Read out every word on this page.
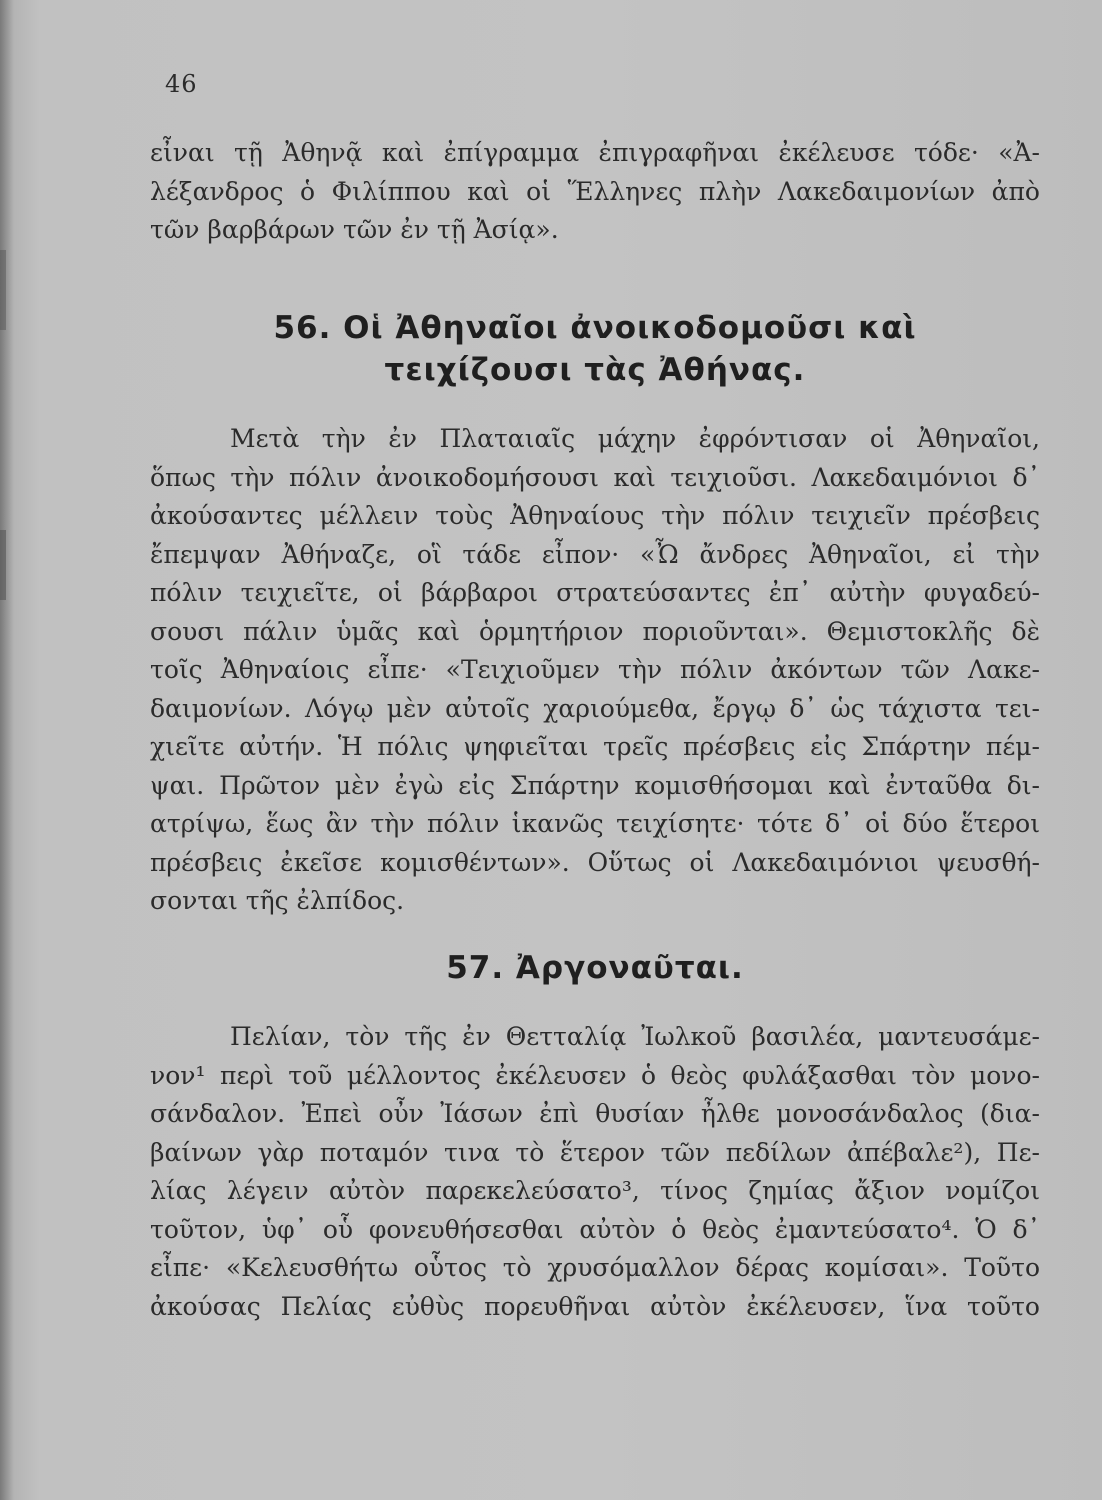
46
εἶναι τῇ Ἀθηνᾷ καὶ ἐπίγραμμα ἐπιγραφῆναι ἐκέλευσε τόδε· «Ἀ-
λέξανδρος ὁ Φιλίππου καὶ οἱ Ἕλληνες πλὴν Λακεδαιμονίων ἀπὸ
τῶν βαρβάρων τῶν ἐν τῇ Ἀσίᾳ».
56. Οἱ Ἀθηναῖοι ἀνοικοδομοῦσι καὶ
τειχίζουσι τὰς Ἀθήνας.
Μετὰ τὴν ἐν Πλαταιαῖς μάχην ἐφρόντισαν οἱ Ἀθηναῖοι,
ὅπως τὴν πόλιν ἀνοικοδομήσουσι καὶ τειχιοῦσι. Λακεδαιμόνιοι δ᾽
ἀκούσαντες μέλλειν τοὺς Ἀθηναίους τὴν πόλιν τειχιεῖν πρέσβεις
ἔπεμψαν Ἀθήναζε, οἳ τάδε εἶπον· «Ὦ ἄνδρες Ἀθηναῖοι, εἰ τὴν
πόλιν τειχιεῖτε, οἱ βάρβαροι στρατεύσαντες ἐπ᾽ αὐτὴν φυγαδεύ-
σουσι πάλιν ὑμᾶς καὶ ὁρμητήριον ποριοῦνται». Θεμιστοκλῆς δὲ
τοῖς Ἀθηναίοις εἶπε· «Τειχιοῦμεν τὴν πόλιν ἀκόντων τῶν Λακε-
δαιμονίων. Λόγῳ μὲν αὐτοῖς χαριούμεθα, ἔργῳ δ᾽ ὡς τάχιστα τει-
χιεῖτε αὐτήν. Ἡ πόλις ψηφιεῖται τρεῖς πρέσβεις εἰς Σπάρτην πέμ-
ψαι. Πρῶτον μὲν ἐγὼ εἰς Σπάρτην κομισθήσομαι καὶ ἐνταῦθα δι-
ατρίψω, ἕως ἂν τὴν πόλιν ἱκανῶς τειχίσητε· τότε δ᾽ οἱ δύο ἕτεροι
πρέσβεις ἐκεῖσε κομισθέντων». Οὕτως οἱ Λακεδαιμόνιοι ψευσθή-
σονται τῆς ἐλπίδος.
57. Ἀργοναῦται.
Πελίαν, τὸν τῆς ἐν Θετταλίᾳ Ἰωλκοῦ βασιλέα, μαντευσάμε-
νον¹ περὶ τοῦ μέλλοντος ἐκέλευσεν ὁ θεὸς φυλάξασθαι τὸν μονο-
σάνδαλον. Ἐπεὶ οὖν Ἰάσων ἐπὶ θυσίαν ἦλθε μονοσάνδαλος (δια-
βαίνων γὰρ ποταμόν τινα τὸ ἕτερον τῶν πεδίλων ἀπέβαλε²), Πε-
λίας λέγειν αὐτὸν παρεκελεύσατο³, τίνος ζημίας ἄξιον νομίζοι
τοῦτον, ὑφ᾽ οὗ φονευθήσεσθαι αὐτὸν ὁ θεὸς ἐμαντεύσατο⁴. Ὁ δ᾽
εἶπε· «Κελευσθήτω οὗτος τὸ χρυσόμαλλον δέρας κομίσαι». Τοῦτο
ἀκούσας Πελίας εὐθὺς πορευθῆναι αὐτὸν ἐκέλευσεν, ἵνα τοῦτο
